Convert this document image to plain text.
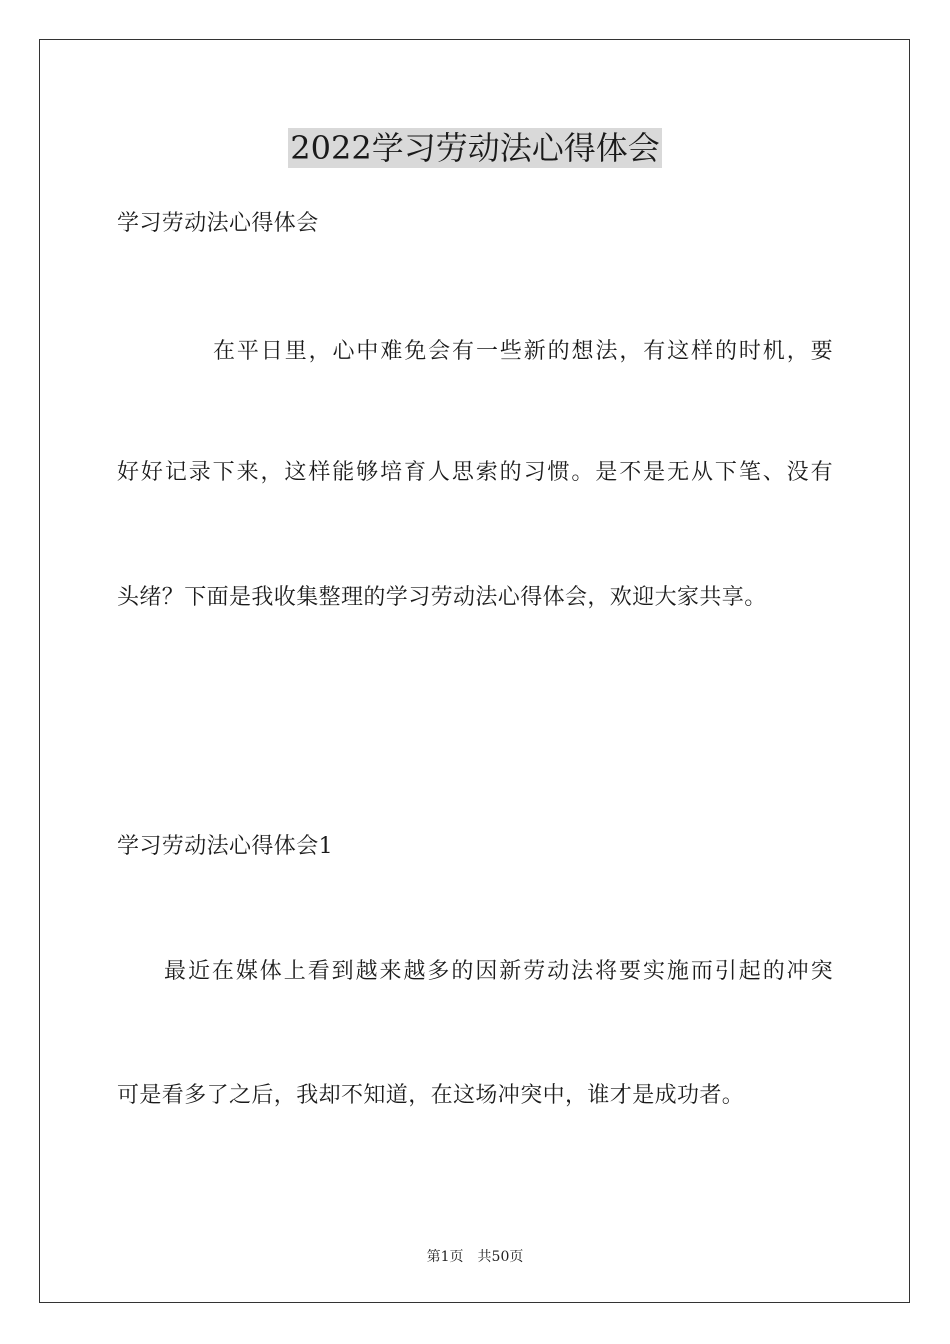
2022学习劳动法心得体会
学习劳动法心得体会
在平日里，心中难免会有一些新的想法，有这样的时机，要
好好记录下来，这样能够培育人思索的习惯。是不是无从下笔、没有
头绪？下面是我收集整理的学习劳动法心得体会，欢迎大家共享。
学习劳动法心得体会1
最近在媒体上看到越来越多的因新劳动法将要实施而引起的冲突
可是看多了之后，我却不知道，在这场冲突中，谁才是成功者。
第1页 共50页
